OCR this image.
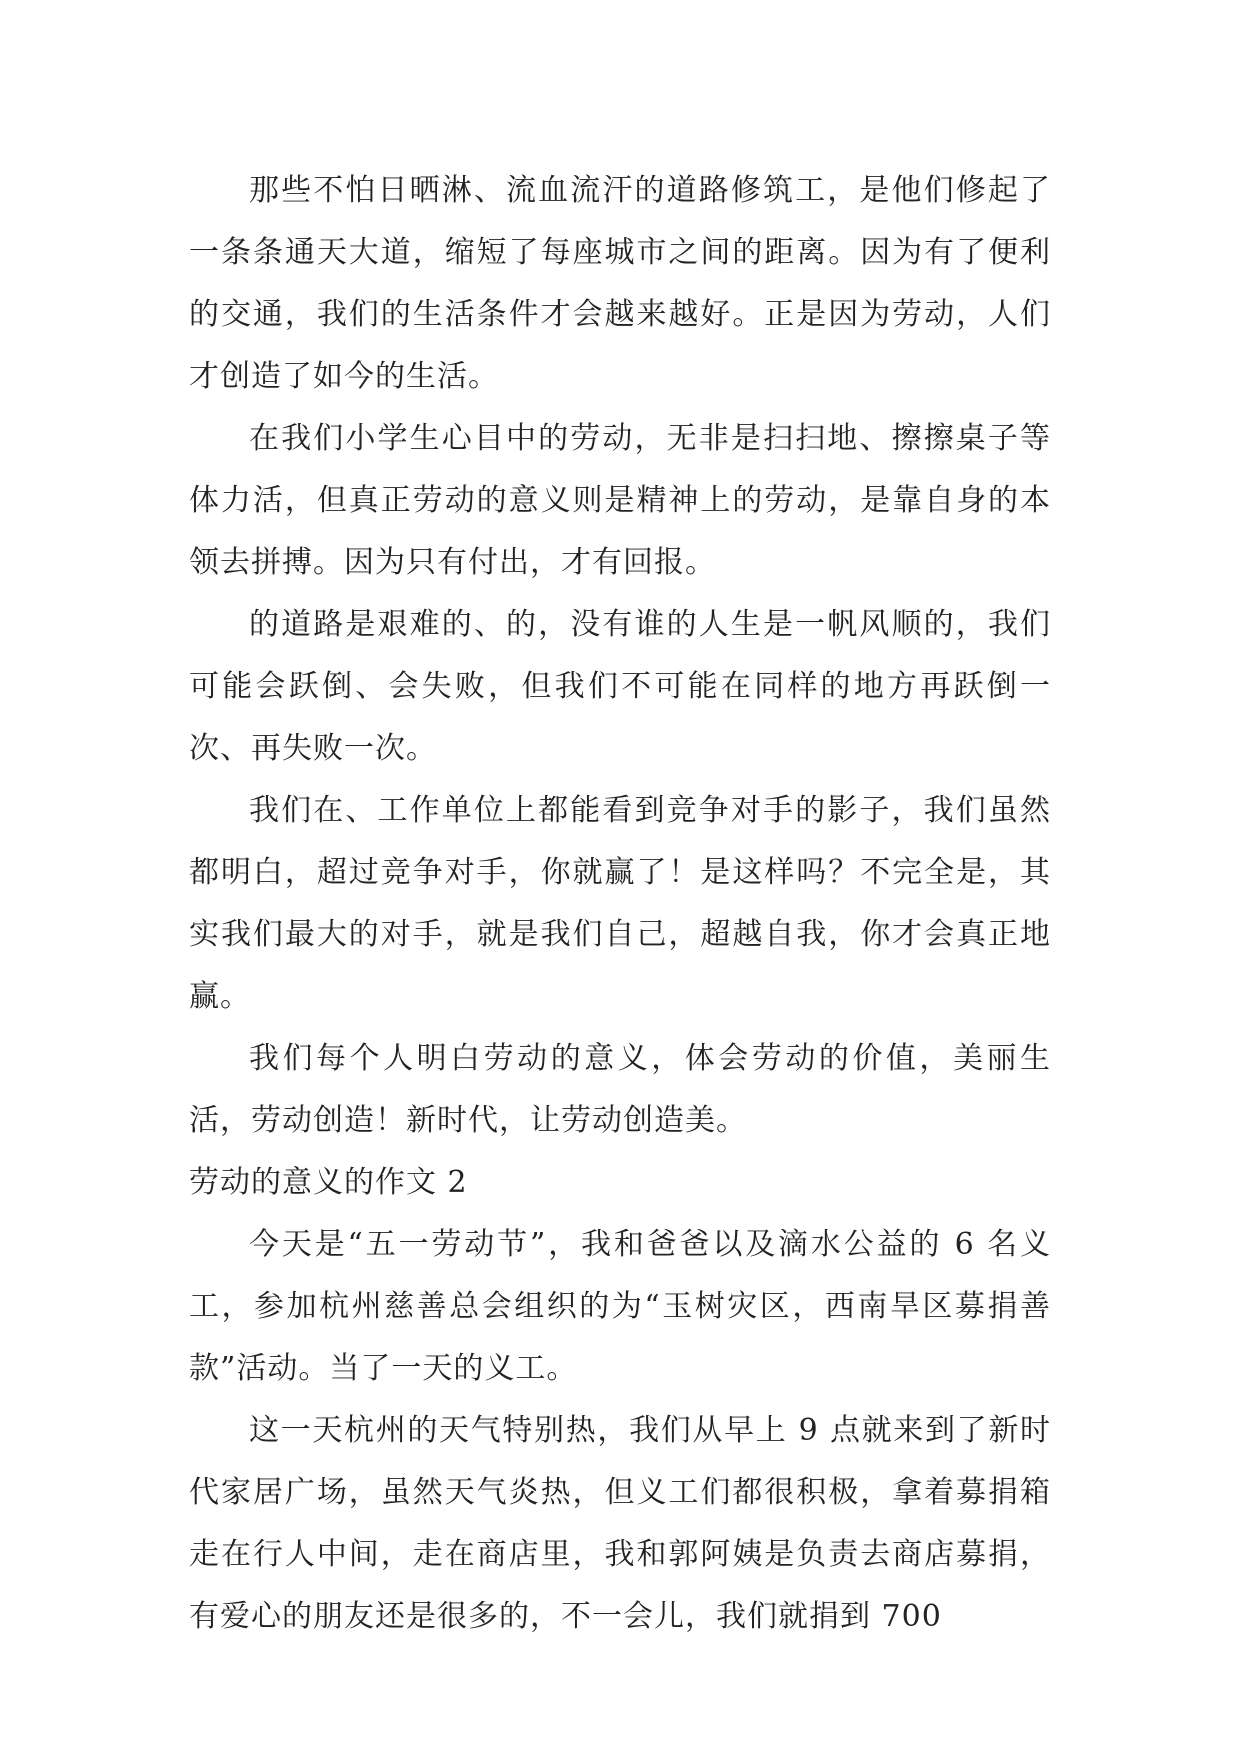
那些不怕日晒淋、流血流汗的道路修筑工，是他们修起了一条条通天大道，缩短了每座城市之间的距离。因为有了便利的交通，我们的生活条件才会越来越好。正是因为劳动，人们才创造了如今的生活。

在我们小学生心目中的劳动，无非是扫扫地、擦擦桌子等体力活，但真正劳动的意义则是精神上的劳动，是靠自身的本领去拼搏。因为只有付出，才有回报。

的道路是艰难的、的，没有谁的人生是一帆风顺的，我们可能会跃倒、会失败，但我们不可能在同样的地方再跃倒一次、再失败一次。

我们在、工作单位上都能看到竞争对手的影子，我们虽然都明白，超过竞争对手，你就赢了！是这样吗？不完全是，其实我们最大的对手，就是我们自己，超越自我，你才会真正地赢。

我们每个人明白劳动的意义，体会劳动的价值，美丽生活，劳动创造！新时代，让劳动创造美。

劳动的意义的作文 2

今天是“五一劳动节”，我和爸爸以及滴水公益的 6 名义工，参加杭州慈善总会组织的为“玉树灾区，西南旱区募捐善款”活动。当了一天的义工。

这一天杭州的天气特别热，我们从早上 9 点就来到了新时代家居广场，虽然天气炎热，但义工们都很积极，拿着募捐箱走在行人中间，走在商店里，我和郭阿姨是负责去商店募捐，有爱心的朋友还是很多的，不一会儿，我们就捐到 700
